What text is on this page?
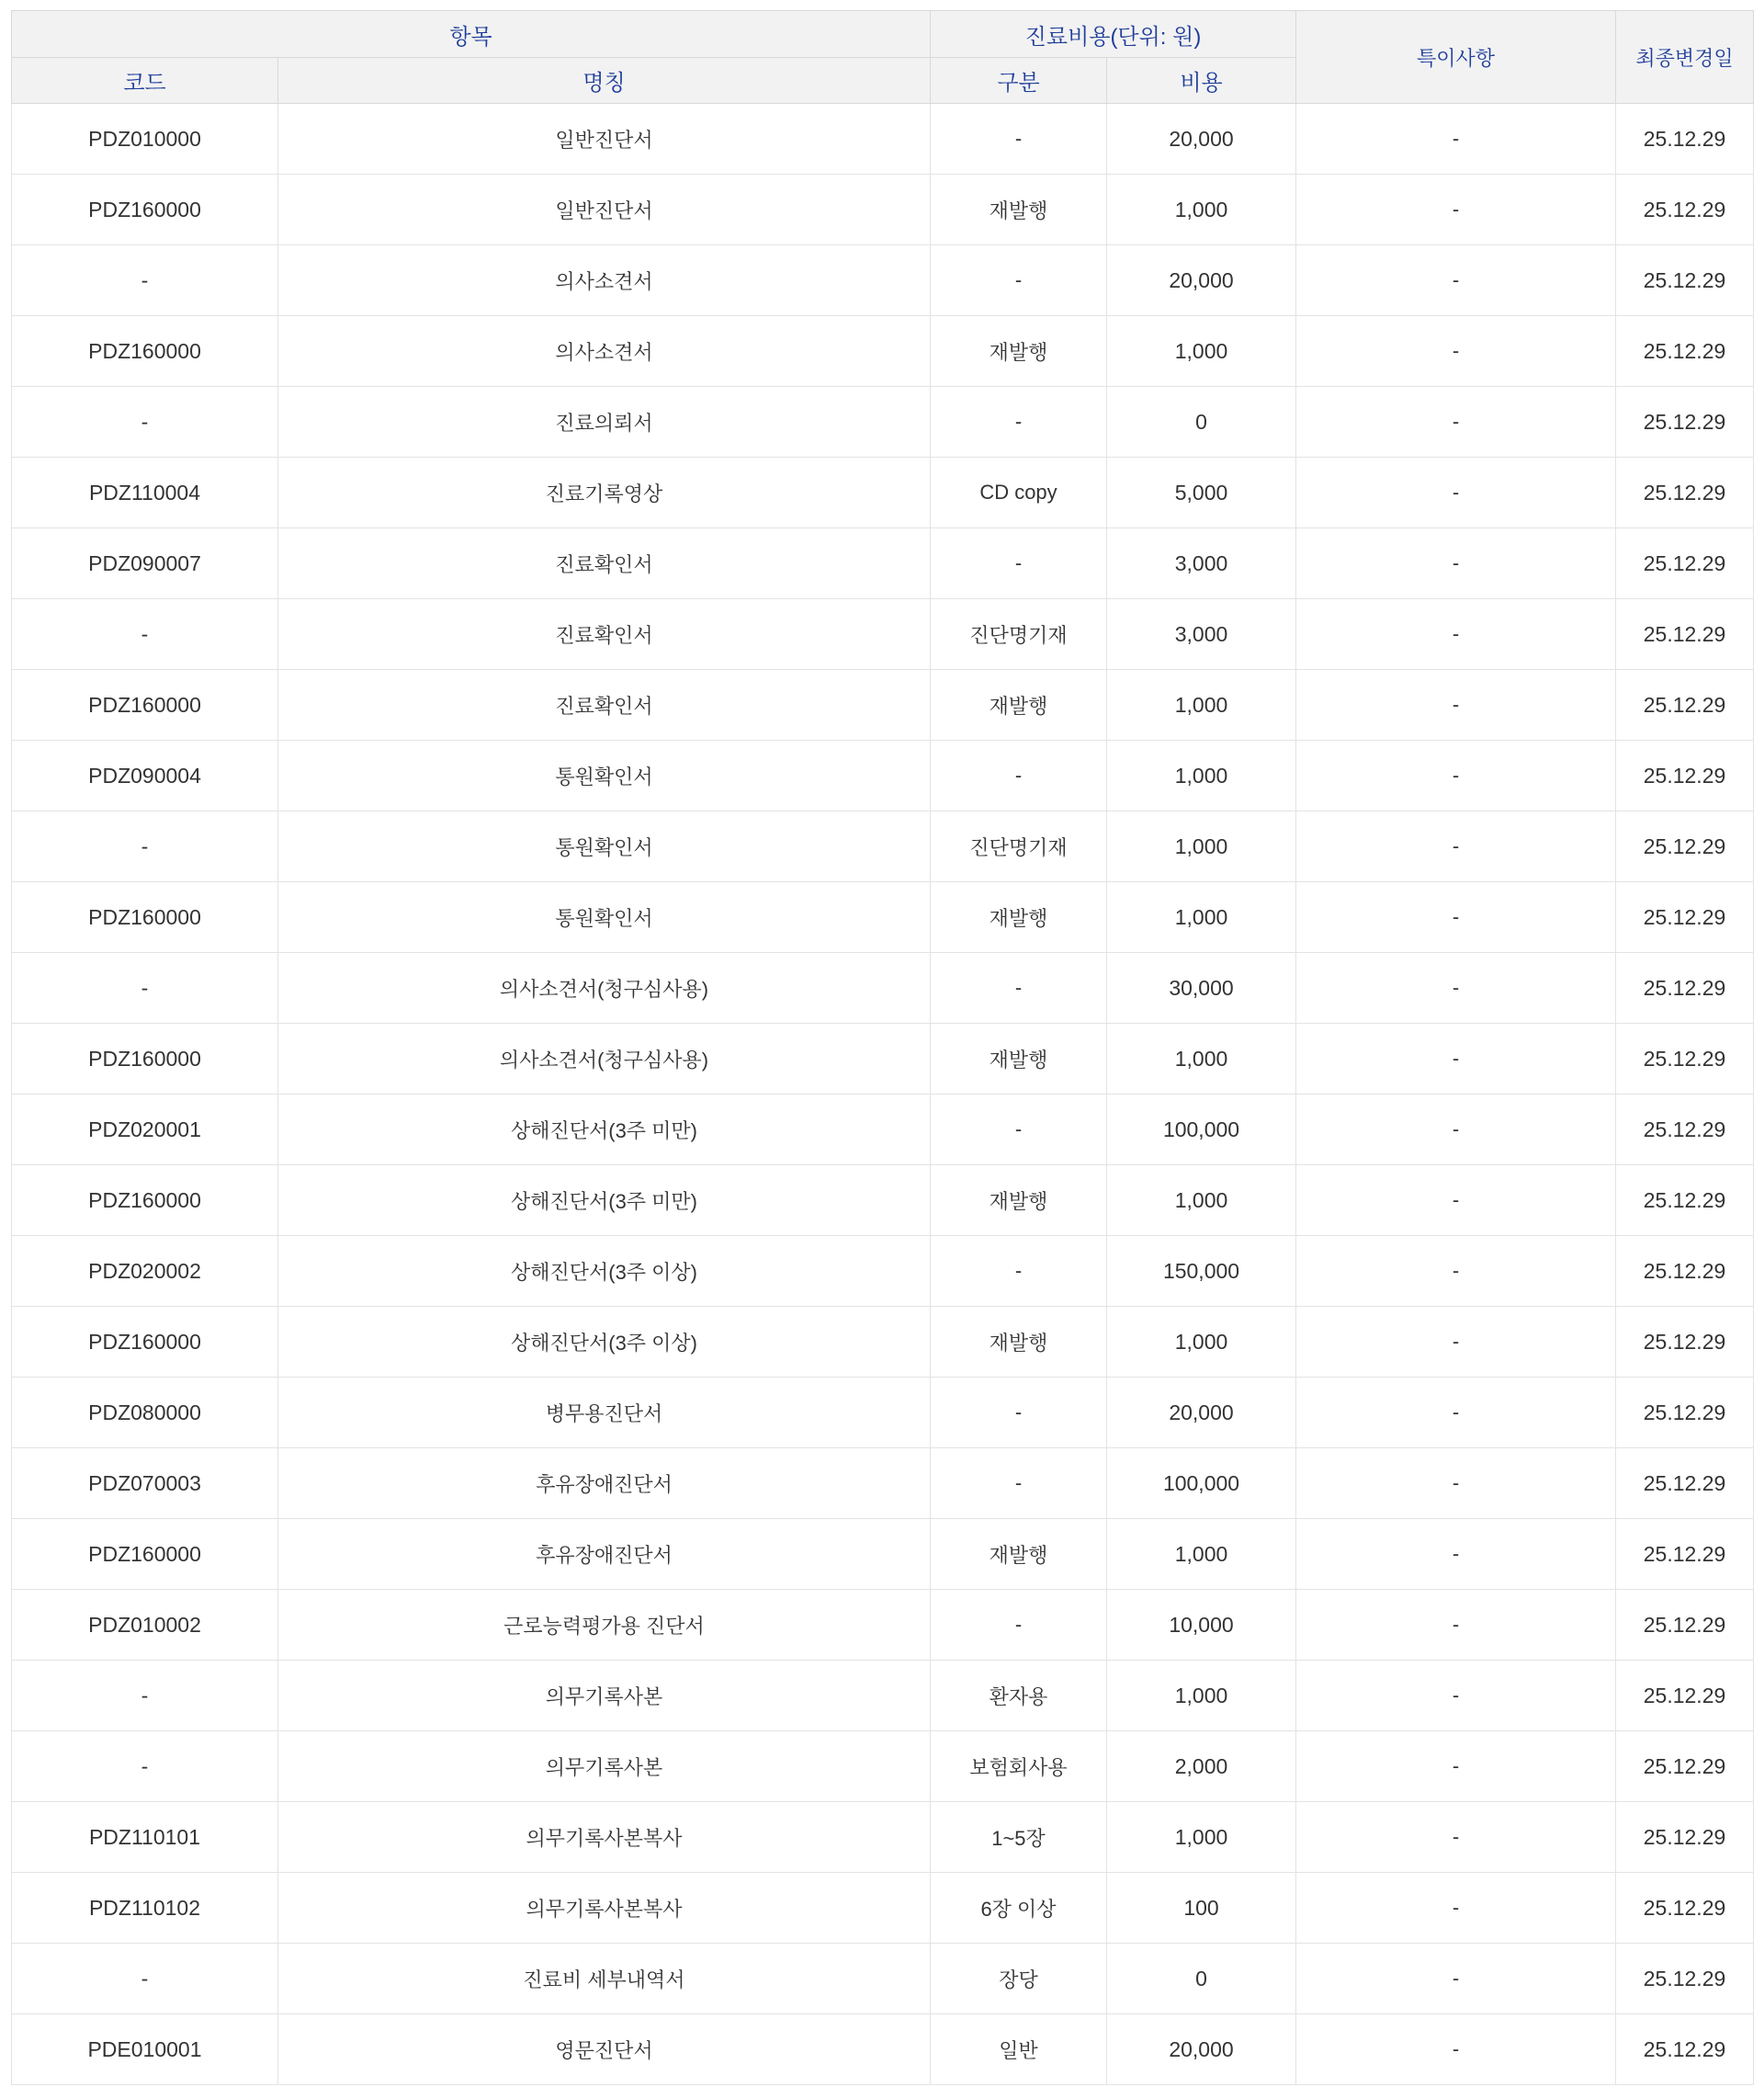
항목		진료비용(단위: 원)		특이사항	최종변경일
코드	명칭	구분	비용		
PDZ010000	일반진단서	-	20,000	-	25.12.29
PDZ160000	일반진단서	재발행	1,000	-	25.12.29
-	의사소견서	-	20,000	-	25.12.29
PDZ160000	의사소견서	재발행	1,000	-	25.12.29
-	진료의뢰서	-	0	-	25.12.29
PDZ110004	진료기록영상	CD copy	5,000	-	25.12.29
PDZ090007	진료확인서	-	3,000	-	25.12.29
-	진료확인서	진단명기재	3,000	-	25.12.29
PDZ160000	진료확인서	재발행	1,000	-	25.12.29
PDZ090004	통원확인서	-	1,000	-	25.12.29
-	통원확인서	진단명기재	1,000	-	25.12.29
PDZ160000	통원확인서	재발행	1,000	-	25.12.29
-	의사소견서(청구심사용)	-	30,000	-	25.12.29
PDZ160000	의사소견서(청구심사용)	재발행	1,000	-	25.12.29
PDZ020001	상해진단서(3주 미만)	-	100,000	-	25.12.29
PDZ160000	상해진단서(3주 미만)	재발행	1,000	-	25.12.29
PDZ020002	상해진단서(3주 이상)	-	150,000	-	25.12.29
PDZ160000	상해진단서(3주 이상)	재발행	1,000	-	25.12.29
PDZ080000	병무용진단서	-	20,000	-	25.12.29
PDZ070003	후유장애진단서	-	100,000	-	25.12.29
PDZ160000	후유장애진단서	재발행	1,000	-	25.12.29
PDZ010002	근로능력평가용 진단서	-	10,000	-	25.12.29
-	의무기록사본	환자용	1,000	-	25.12.29
-	의무기록사본	보험회사용	2,000	-	25.12.29
PDZ110101	의무기록사본복사	1~5장	1,000	-	25.12.29
PDZ110102	의무기록사본복사	6장 이상	100	-	25.12.29
-	진료비 세부내역서	장당	0	-	25.12.29
PDE010001	영문진단서	일반	20,000	-	25.12.29
